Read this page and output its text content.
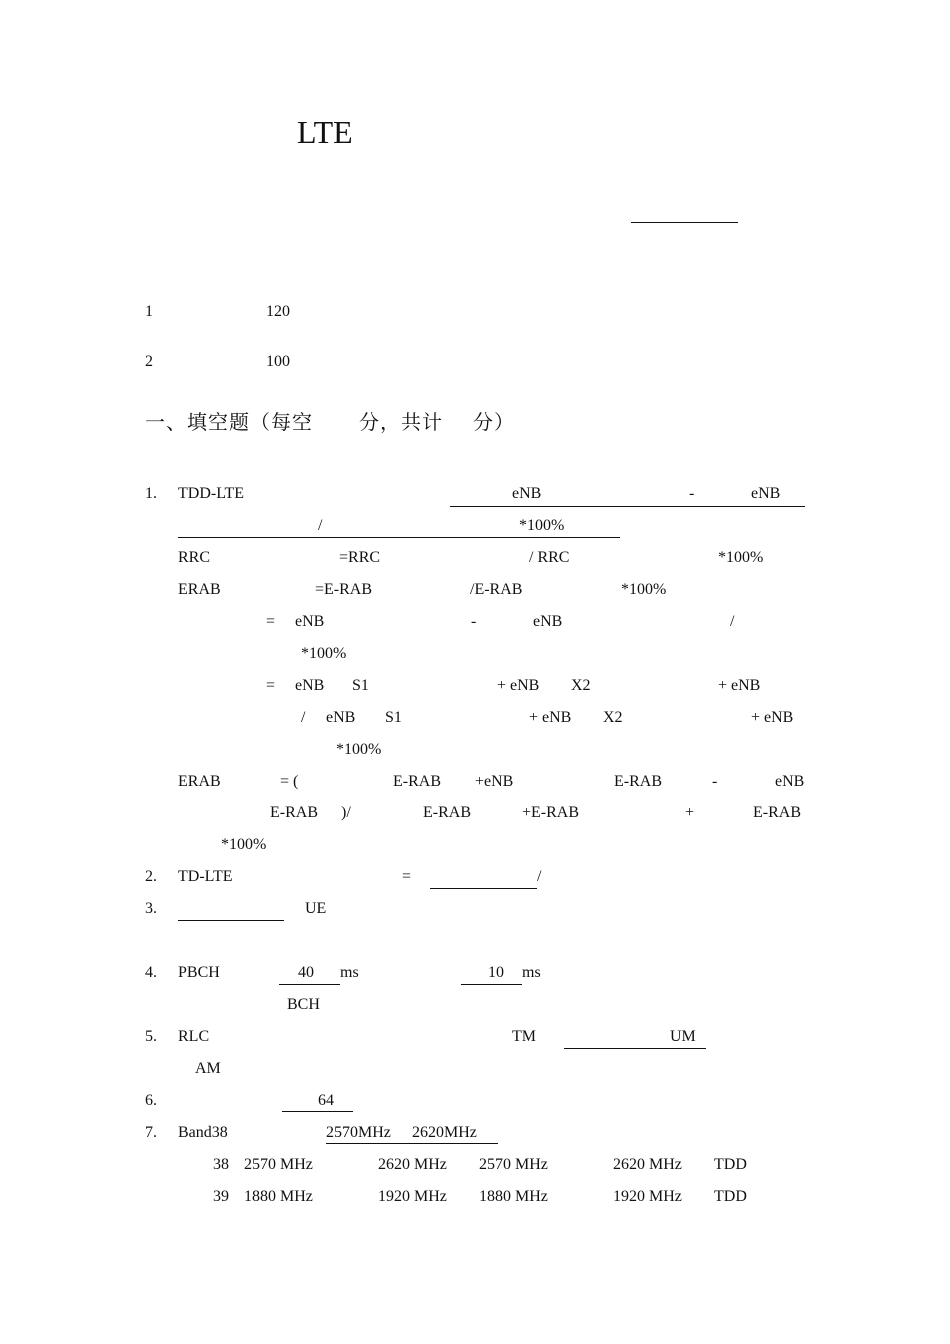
LTE
1	120
2	100
一、填空题（每空 分，共计 分）
1. TDD-LTE	eNB	-	eNB
/	*100%
RRC	=RRC	/ RRC	*100%
ERAB	=E-RAB	/E-RAB	*100%
= eNB	-	eNB	/
*100%
= eNB S1	+ eNB X2	+ eNB
/ eNB S1	+ eNB X2	+ eNB
*100%
ERAB	= (	E-RAB +eNB	E-RAB	-	eNB
E-RAB )/	E-RAB	+E-RAB	+	E-RAB
*100%
2. TD-LTE	=	/
3.	UE
4. PBCH	40 ms	10 ms
BCH
5. RLC	TM	UM
AM
6.	64
7. Band38	2570MHz 2620MHz
38 2570 MHz	2620 MHz 2570 MHz	2620 MHz TDD
39 1880 MHz	1920 MHz 1880 MHz	1920 MHz TDD
